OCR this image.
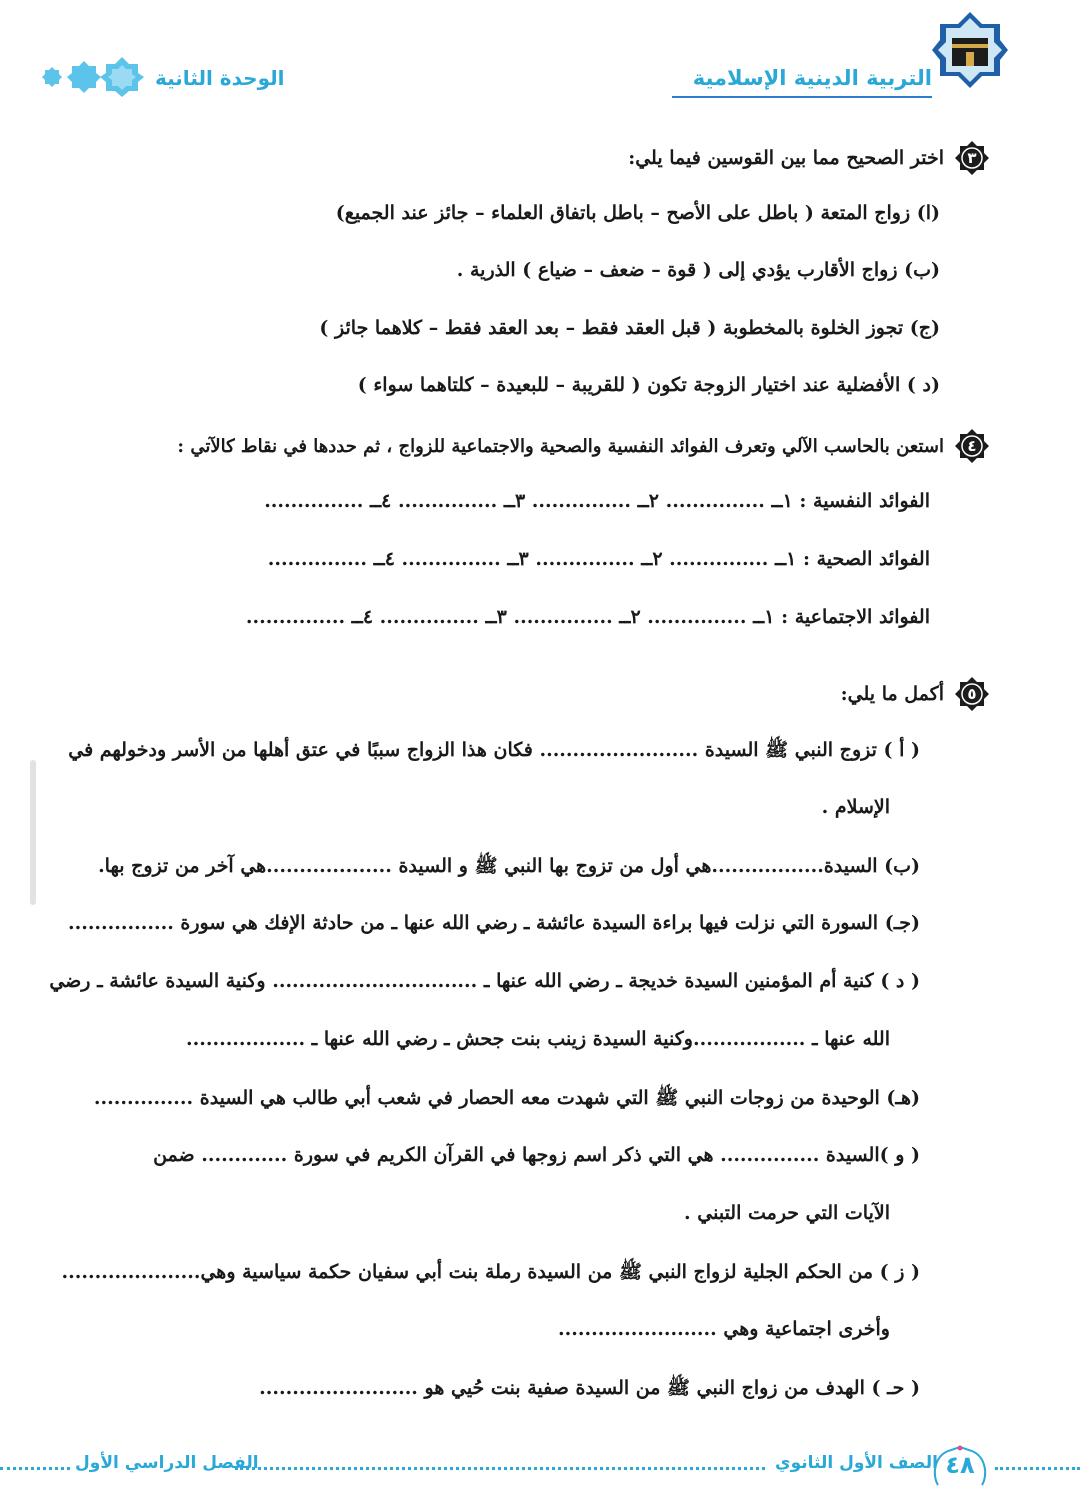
التربية الدينية الإسلامية
الوحدة الثانية
٣
اختر الصحيح مما بين القوسين فيما يلي:
(ا) زواج المتعة ( باطل على الأصح – باطل باتفاق العلماء – جائز عند الجميع)
(ب) زواج الأقارب يؤدي إلى ( قوة – ضعف – ضياع ) الذرية .
(ج) تجوز الخلوة بالمخطوبة ( قبل العقد فقط – بعد العقد فقط – كلاهما جائز )
(د ) الأفضلية عند اختيار الزوجة تكون ( للقريبة – للبعيدة – كلتاهما سواء )
٤
استعن بالحاسب الآلي وتعرف الفوائد النفسية والصحية والاجتماعية للزواج ، ثم حددها في نقاط كالآتي :
الفوائد النفسية : ١ــ ............... ٢ــ ............... ٣ــ ............... ٤ــ ...............
الفوائد الصحية : ١ــ ............... ٢ــ ............... ٣ــ ............... ٤ــ ...............
الفوائد الاجتماعية : ١ــ ............... ٢ــ ............... ٣ــ ............... ٤ــ ...............
٥
أكمل ما يلي:
( أ ) تزوج النبي ﷺ السيدة ........................ فكان هذا الزواج سببًا في عتق أهلها من الأسر ودخولهم في
الإسلام .
(ب) السيدة.................هي أول من تزوج بها النبي ﷺ و السيدة ...................هي آخر من تزوج بها.
(جـ) السورة التي نزلت فيها براءة السيدة عائشة ـ رضي الله عنها ـ من حادثة الإفك هي سورة ................
( د ) كنية أم المؤمنين السيدة خديجة ـ رضي الله عنها ـ ............................... وكنية السيدة عائشة ـ رضي
الله عنها ـ .................وكنية السيدة زينب بنت جحش ـ رضي الله عنها ـ ..................
(هـ) الوحيدة من زوجات النبي ﷺ التي شهدت معه الحصار في شعب أبي طالب هي السيدة ...............
( و )السيدة ............... هي التي ذكر اسم زوجها في القرآن الكريم في سورة ............. ضمن
الآيات التي حرمت التبني .
( ز ) من الحكم الجلية لزواج النبي ﷺ من السيدة رملة بنت أبي سفيان حكمة سياسية وهي.....................
وأخرى اجتماعية وهي ........................
( حـ ) الهدف من زواج النبي ﷺ من السيدة صفية بنت حُيي هو ........................
الفصل الدراسي الأول	الصف الأول الثانوي ٤٨
